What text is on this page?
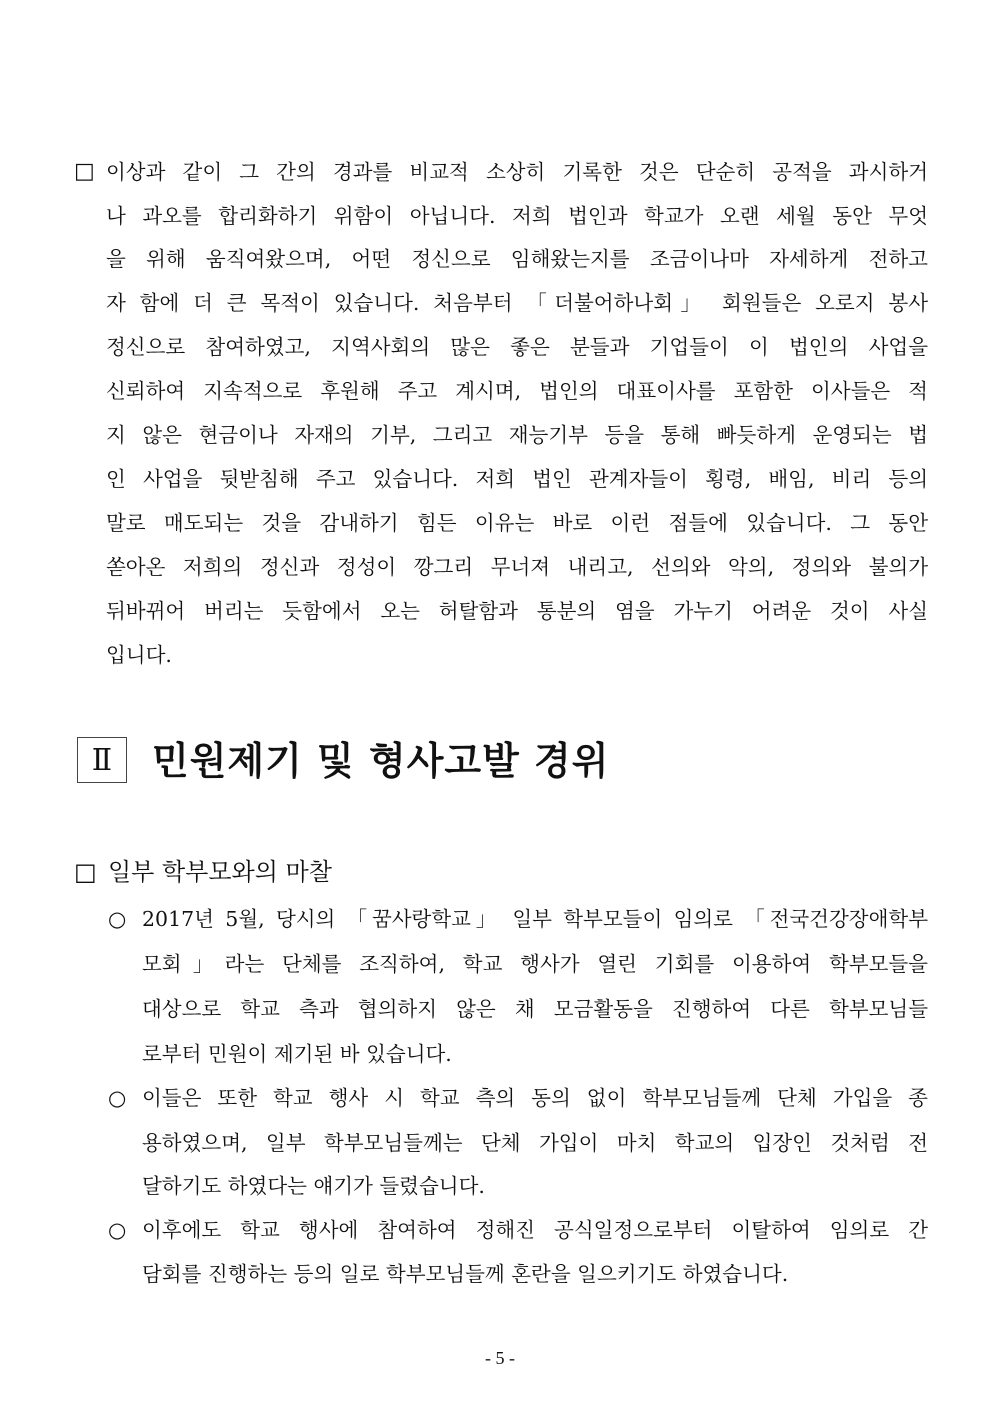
□ 이상과 같이 그 간의 경과를 비교적 소상히 기록한 것은 단순히 공적을 과시하거
나 과오를 합리화하기 위함이 아닙니다. 저희 법인과 학교가 오랜 세월 동안 무엇
을 위해 움직여왔으며, 어떤 정신으로 임해왔는지를 조금이나마 자세하게 전하고
자 함에 더 큰 목적이 있습니다. 처음부터 「더불어하나회」 회원들은 오로지 봉사
정신으로 참여하였고, 지역사회의 많은 좋은 분들과 기업들이 이 법인의 사업을
신뢰하여 지속적으로 후원해 주고 계시며, 법인의 대표이사를 포함한 이사들은 적
지 않은 현금이나 자재의 기부, 그리고 재능기부 등을 통해 빠듯하게 운영되는 법
인 사업을 뒷받침해 주고 있습니다. 저희 법인 관계자들이 횡령, 배임, 비리 등의
말로 매도되는 것을 감내하기 힘든 이유는 바로 이런 점들에 있습니다. 그 동안
쏟아온 저희의 정신과 정성이 깡그리 무너져 내리고, 선의와 악의, 정의와 불의가
뒤바뀌어 버리는 듯함에서 오는 허탈함과 통분의 염을 가누기 어려운 것이 사실
입니다.
Ⅱ	민원제기 및 형사고발 경위
□ 일부 학부모와의 마찰
○ 2017년 5월, 당시의 「꿈사랑학교」 일부 학부모들이 임의로 「전국건강장애학부
모회」라는 단체를 조직하여, 학교 행사가 열린 기회를 이용하여 학부모들을
대상으로 학교 측과 협의하지 않은 채 모금활동을 진행하여 다른 학부모님들
로부터 민원이 제기된 바 있습니다.
○ 이들은 또한 학교 행사 시 학교 측의 동의 없이 학부모님들께 단체 가입을 종
용하였으며, 일부 학부모님들께는 단체 가입이 마치 학교의 입장인 것처럼 전
달하기도 하였다는 얘기가 들렸습니다.
○ 이후에도 학교 행사에 참여하여 정해진 공식일정으로부터 이탈하여 임의로 간
담회를 진행하는 등의 일로 학부모님들께 혼란을 일으키기도 하였습니다.
- 5 -
